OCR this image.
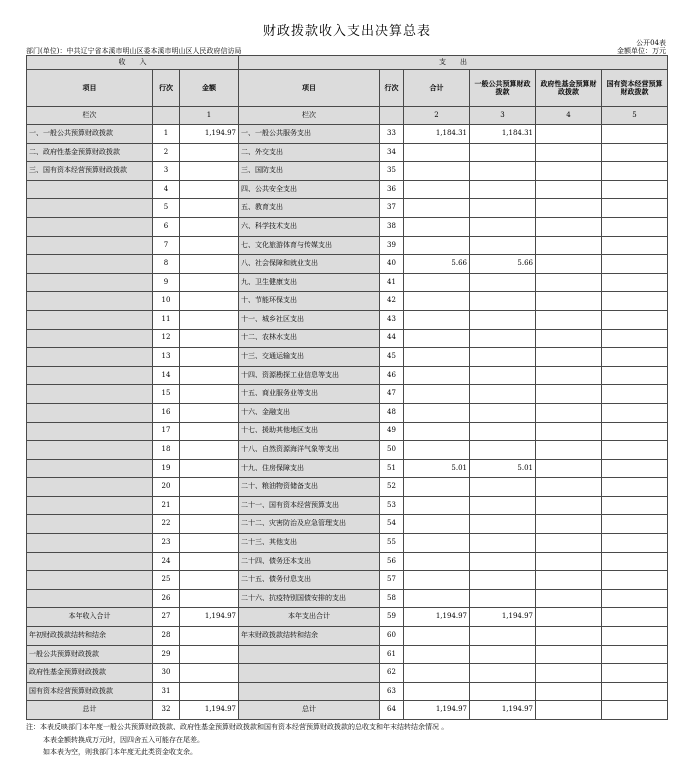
财政拨款收入支出决算总表
公开04表
部门(单位)：中共辽宁省本溪市明山区委本溪市明山区人民政府信访局	金额单位：万元
收　　入			支　　出					
项目	行次	金额	项目	行次	合计	一般公共预算财政拨款	政府性基金预算财政拨款	国有资本经营预算财政拨款
栏次		1	栏次		2	3	4	5
一、一般公共预算财政拨款	1	1,194.97	一、一般公共服务支出	33	1,184.31	1,184.31		
二、政府性基金预算财政拨款	2		二、外交支出	34				
三、国有资本经营预算财政拨款	3		三、国防支出	35				
	4		四、公共安全支出	36				
	5		五、教育支出	37				
	6		六、科学技术支出	38				
	7		七、文化旅游体育与传媒支出	39				
	8		八、社会保障和就业支出	40	5.66	5.66		
	9		九、卫生健康支出	41				
	10		十、节能环保支出	42				
	11		十一、城乡社区支出	43				
	12		十二、农林水支出	44				
	13		十三、交通运输支出	45				
	14		十四、资源勘探工业信息等支出	46				
	15		十五、商业服务业等支出	47				
	16		十六、金融支出	48				
	17		十七、援助其他地区支出	49				
	18		十八、自然资源海洋气象等支出	50				
	19		十九、住房保障支出	51	5.01	5.01		
	20		二十、粮油物资储备支出	52				
	21		二十一、国有资本经营预算支出	53				
	22		二十二、灾害防治及应急管理支出	54				
	23		二十三、其他支出	55				
	24		二十四、债务还本支出	56				
	25		二十五、债务付息支出	57				
	26		二十六、抗疫特别国债安排的支出	58				
本年收入合计	27	1,194.97	本年支出合计	59	1,194.97	1,194.97		
年初财政拨款结转和结余	28		年末财政拨款结转和结余	60				
一般公共预算财政拨款	29			61				
政府性基金预算财政拨款	30			62				
国有资本经营预算财政拨款	31			63				
总计	32	1,194.97	总计	64	1,194.97	1,194.97		
注：本表反映部门本年度一般公共预算财政拨款、政府性基金预算财政拨款和国有资本经营预算财政拨款的总收支和年末结转结余情况 。
本表金额转换成万元时，因四舍五入可能存在尾差。
如本表为空，则我部门本年度无此类资金收支余。
